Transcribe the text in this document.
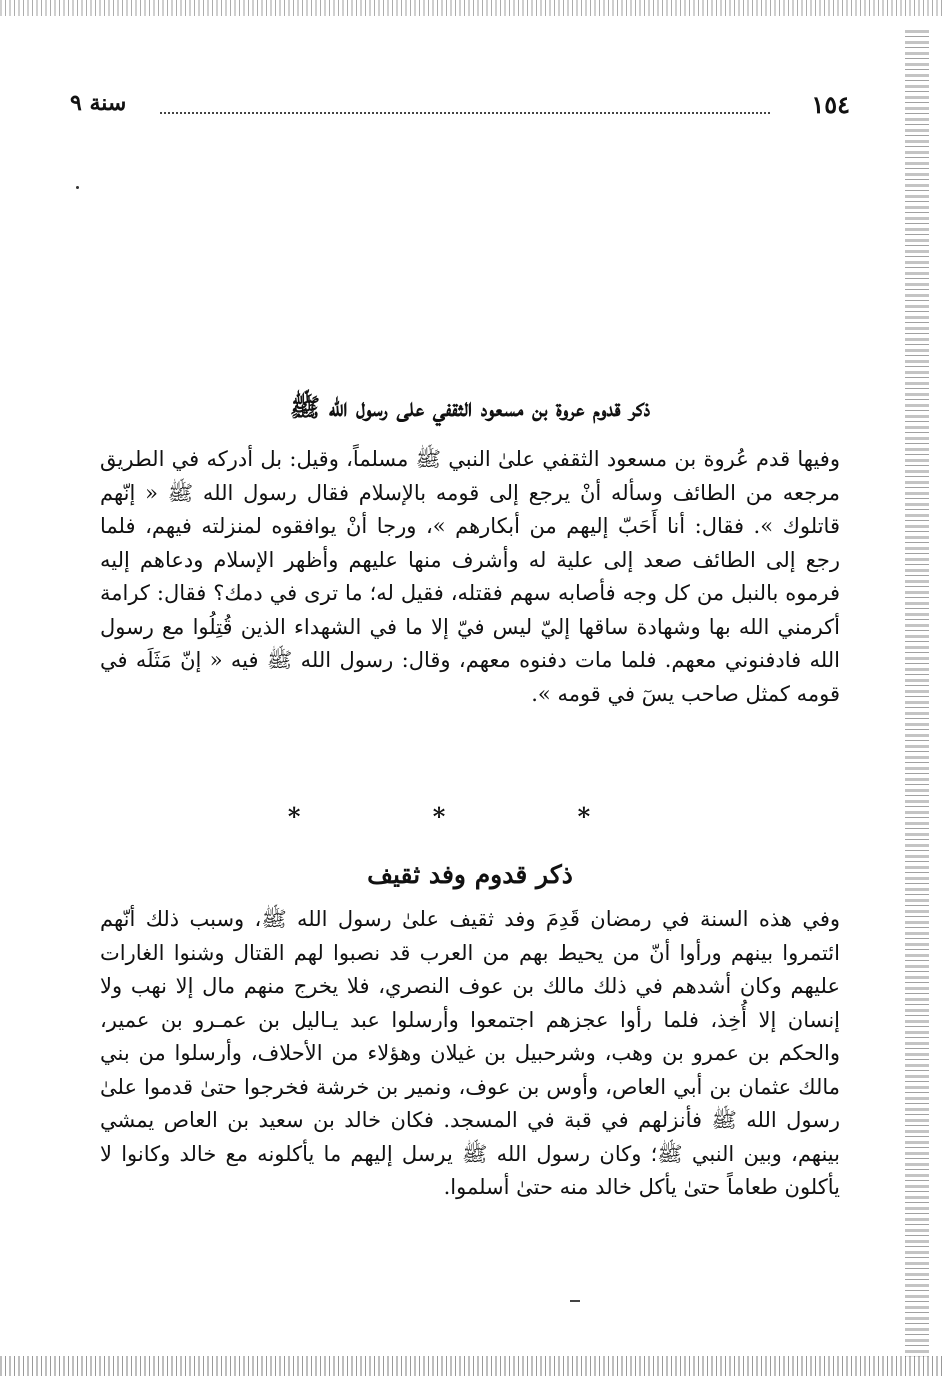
١٥٤
سنة ٩
ذكر قدوم عروة بن مسعود الثقفي على رسول الله ﷺ

وفيها قدم عُروة بن مسعود الثقفي علىٰ النبي ﷺ مسلماً، وقيل: بل أدركه في الطريق مرجعه من الطائف وسأله أنْ يرجع إلى قومه بالإسلام فقال رسول الله ﷺ « إنّهم قاتلوك ». فقال: أنا أَحَبّ إليهم من أبكارهم »، ورجا أنْ يوافقوه لمنزلته فيهم، فلما رجع إلى الطائف صعد إلى علية له وأشرف منها عليهم وأظهر الإسلام ودعاهم إليه فرموه بالنبل من كل وجه فأصابه سهم فقتله، فقيل له؛ ما ترى في دمك؟ فقال: كرامة أكرمني الله بها وشهادة ساقها إليّ ليس فيّ إلا ما في الشهداء الذين قُتِلُوا مع رسول الله فادفنوني معهم. فلما مات دفنوه معهم، وقال: رسول الله ﷺ فيه « إنّ مَثَلَه في قومه كمثل صاحب يسٓ في قومه ».

* * *
ذكر قدوم وفد ثقيف

وفي هذه السنة في رمضان قَدِمَ وفد ثقيف علىٰ رسول الله ﷺ، وسبب ذلك أنّهم ائتمروا بينهم ورأوا أنّ من يحيط بهم من العرب قد نصبوا لهم القتال وشنوا الغارات عليهم وكان أشدهم في ذلك مالك بن عوف النصري، فلا يخرج منهم مال إلا نهب ولا إنسان إلا أُخِذ، فلما رأوا عجزهم اجتمعوا وأرسلوا عبد يـاليل بن عمـرو بن عمير، والحكم بن عمرو بن وهب، وشرحبيل بن غيلان وهؤلاء من الأحلاف، وأرسلوا من بني مالك عثمان بن أبي العاص، وأوس بن عوف، ونمير بن خرشة فخرجوا حتىٰ قدموا علىٰ رسول الله ﷺ فأنزلهم في قبة في المسجد. فكان خالد بن سعيد بن العاص يمشي بينهم، وبين النبي ﷺ؛ وكان رسول الله ﷺ يرسل إليهم ما يأكلونه مع خالد وكانوا لا يأكلون طعاماً حتىٰ يأكل خالد منه حتىٰ أسلموا.
